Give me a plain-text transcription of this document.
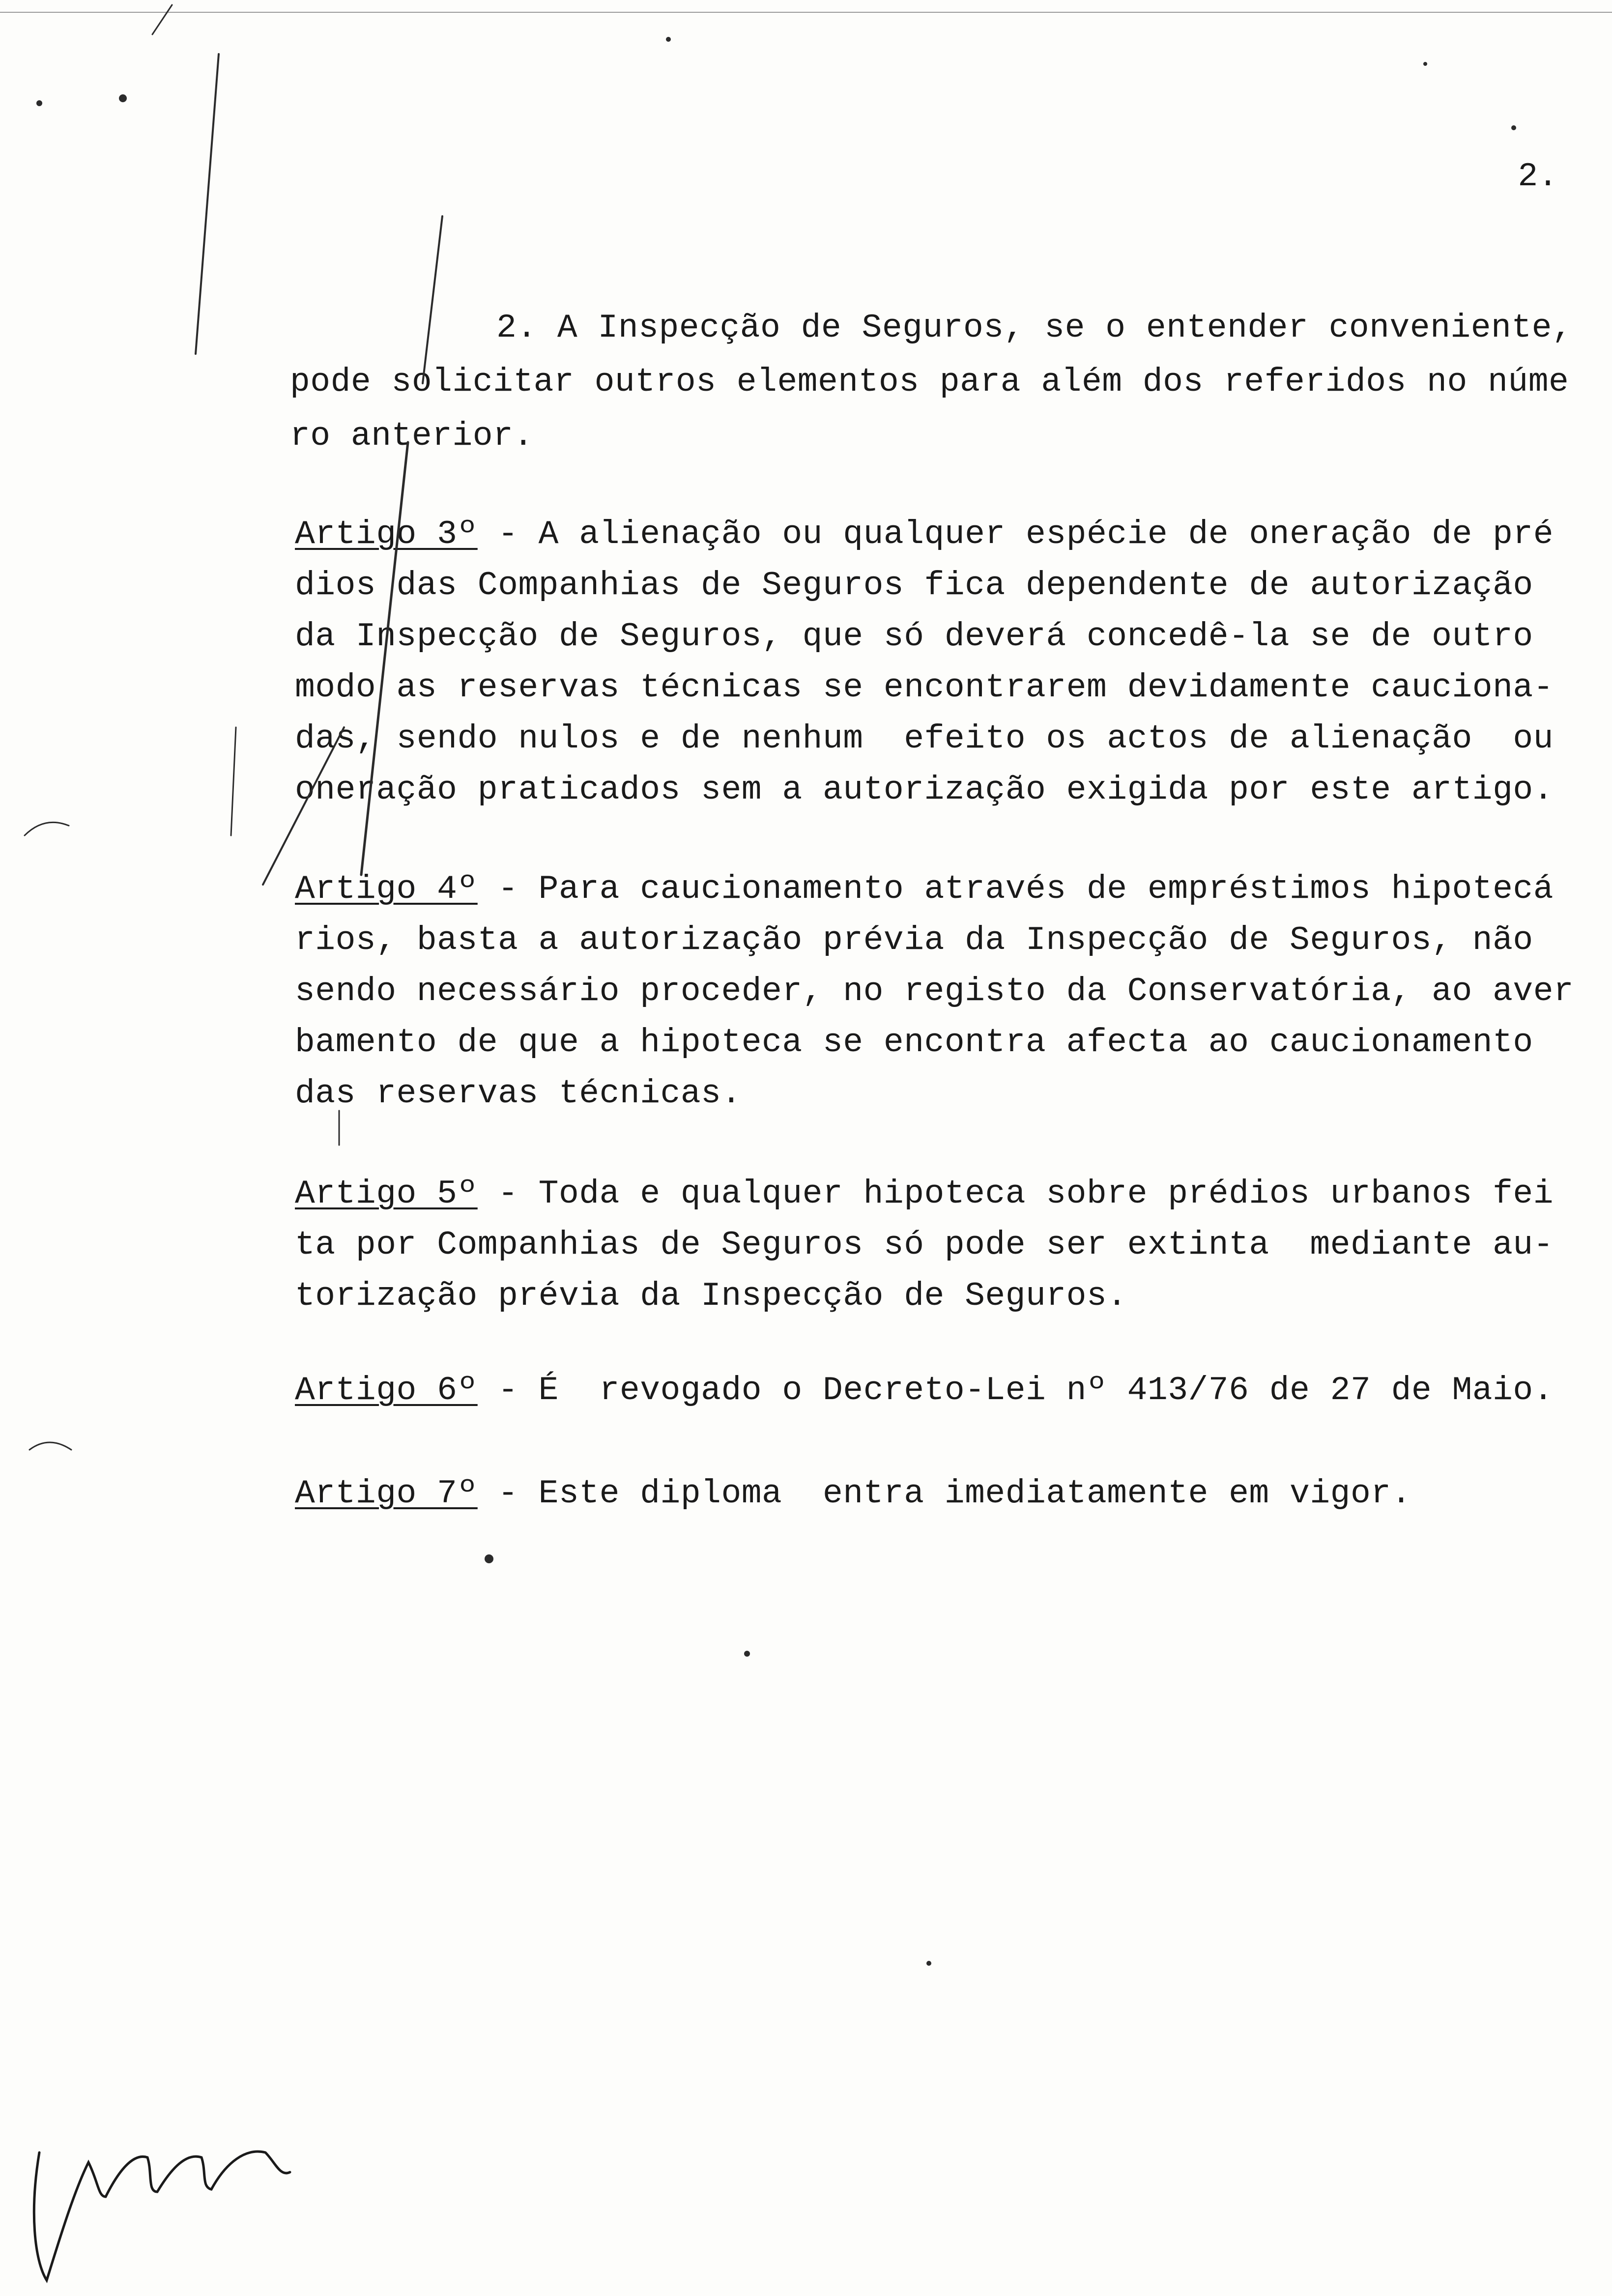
2.
2. A Inspecção de Seguros, se o entender conveniente,
pode solicitar outros elementos para além dos referidos no núme
ro anterior.
Artigo 3º - A alienação ou qualquer espécie de oneração de pré
dios das Companhias de Seguros fica dependente de autorização
da Inspecção de Seguros, que só deverá concedê-la se de outro
modo as reservas técnicas se encontrarem devidamente cauciona-
das, sendo nulos e de nenhum  efeito os actos de alienação  ou
oneração praticados sem a autorização exigida por este artigo.
Artigo 4º - Para caucionamento através de empréstimos hipotecá
rios, basta a autorização prévia da Inspecção de Seguros, não
sendo necessário proceder, no registo da Conservatória, ao aver
bamento de que a hipoteca se encontra afecta ao caucionamento
das reservas técnicas.
Artigo 5º - Toda e qualquer hipoteca sobre prédios urbanos fei
ta por Companhias de Seguros só pode ser extinta  mediante au-
torização prévia da Inspecção de Seguros.
Artigo 6º - É  revogado o Decreto-Lei nº 413/76 de 27 de Maio.
Artigo 7º - Este diploma  entra imediatamente em vigor.
